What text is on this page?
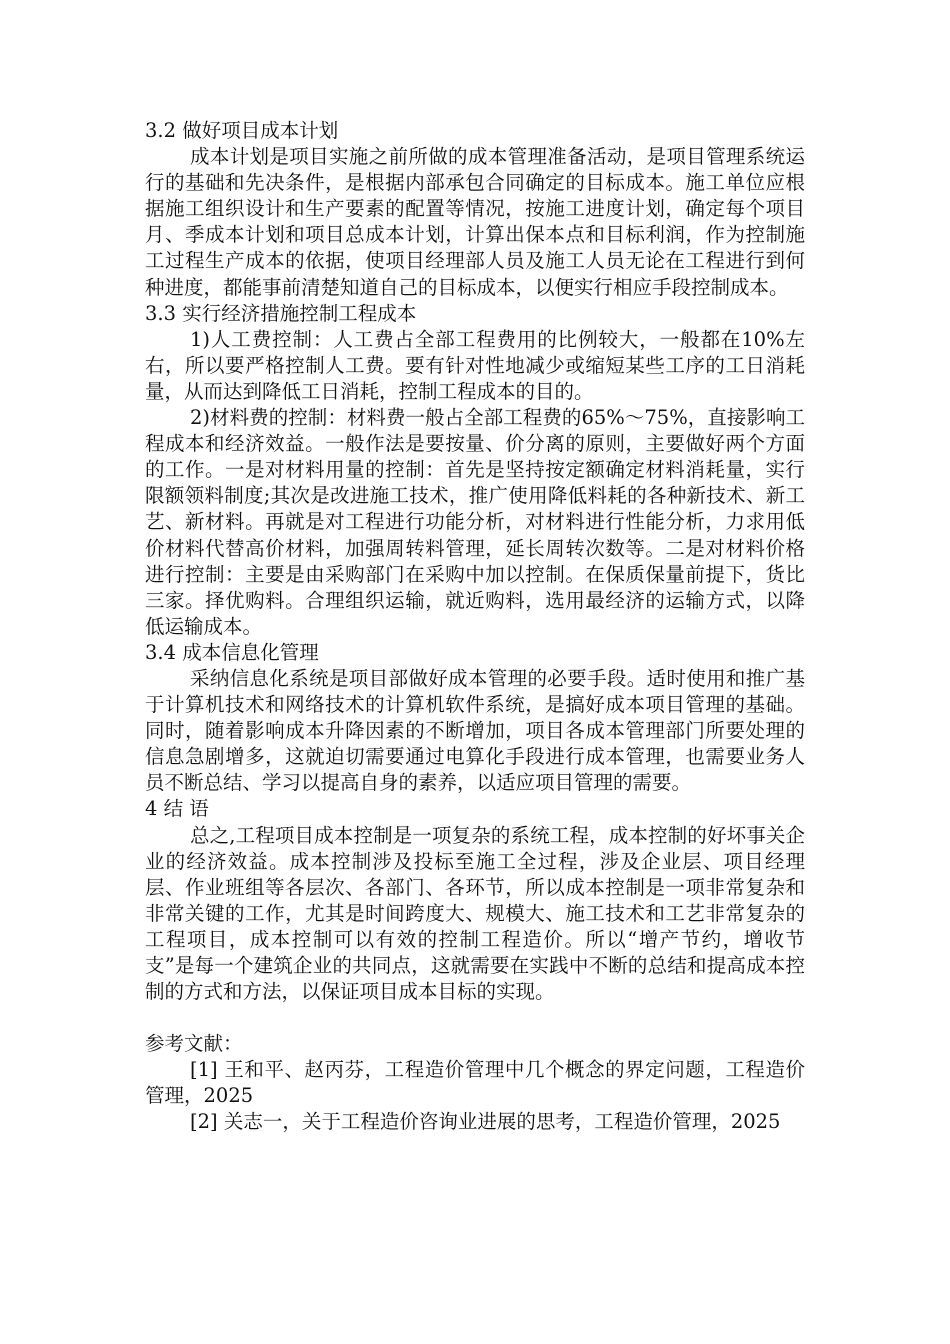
3.2 做好项目成本计划

成本计划是项目实施之前所做的成本管理准备活动，是项目管理系统运行的基础和先决条件，是根据内部承包合同确定的目标成本。施工单位应根据施工组织设计和生产要素的配置等情况，按施工进度计划，确定每个项目月、季成本计划和项目总成本计划，计算出保本点和目标利润，作为控制施工过程生产成本的依据，使项目经理部人员及施工人员无论在工程进行到何种进度，都能事前清楚知道自己的目标成本，以便实行相应手段控制成本。

3.3 实行经济措施控制工程成本

1)人工费控制：人工费占全部工程费用的比例较大，一般都在10%左右，所以要严格控制人工费。要有针对性地减少或缩短某些工序的工日消耗量，从而达到降低工日消耗，控制工程成本的目的。

2)材料费的控制：材料费一般占全部工程费的65%～75%，直接影响工程成本和经济效益。一般作法是要按量、价分离的原则，主要做好两个方面的工作。一是对材料用量的控制：首先是坚持按定额确定材料消耗量，实行限额领料制度;其次是改进施工技术，推广使用降低料耗的各种新技术、新工艺、新材料。再就是对工程进行功能分析，对材料进行性能分析，力求用低价材料代替高价材料，加强周转料管理，延长周转次数等。二是对材料价格进行控制：主要是由采购部门在采购中加以控制。在保质保量前提下，货比三家。择优购料。合理组织运输，就近购料，选用最经济的运输方式，以降低运输成本。

3.4 成本信息化管理

采纳信息化系统是项目部做好成本管理的必要手段。适时使用和推广基于计算机技术和网络技术的计算机软件系统，是搞好成本项目管理的基础。同时，随着影响成本升降因素的不断增加，项目各成本管理部门所要处理的信息急剧增多，这就迫切需要通过电算化手段进行成本管理，也需要业务人员不断总结、学习以提高自身的素养，以适应项目管理的需要。

4 结 语

总之,工程项目成本控制是一项复杂的系统工程，成本控制的好坏事关企业的经济效益。成本控制涉及投标至施工全过程，涉及企业层、项目经理层、作业班组等各层次、各部门、各环节，所以成本控制是一项非常复杂和非常关键的工作，尤其是时间跨度大、规模大、施工技术和工艺非常复杂的工程项目，成本控制可以有效的控制工程造价。所以“增产节约，增收节支”是每一个建筑企业的共同点，这就需要在实践中不断的总结和提高成本控制的方式和方法，以保证项目成本目标的实现。

参考文献：

[1] 王和平、赵丙芬，工程造价管理中几个概念的界定问题，工程造价管理，2025

[2] 关志一，关于工程造价咨询业进展的思考，工程造价管理，2025
